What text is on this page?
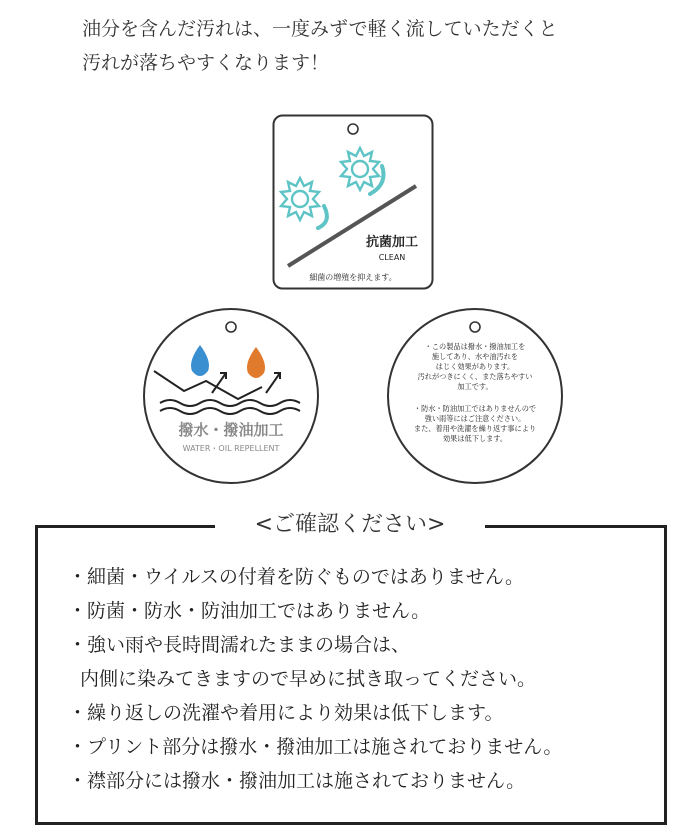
油分を含んだ汚れは、一度みずで軽く流していただくと

汚れが落ちやすくなります！

抗菌加工
CLEAN
細菌の増殖を抑えます。
撥水・撥油加工
WATER・OIL REPELLENT
・この製品は撥水・撥油加工を
施してあり、水や油汚れを
はじく効果があります。
汚れがつきにくく、また落ちやすい
加工です。
・防水・防油加工ではありませんので
強い雨等にはご注意ください。
また、着用や洗濯を繰り返す事により
効果は低下します。
<ご確認ください>
・細菌・ウイルスの付着を防ぐものではありません。
・防菌・防水・防油加工ではありません。
・強い雨や長時間濡れたままの場合は、
内側に染みてきますので早めに拭き取ってください。
・繰り返しの洗濯や着用により効果は低下します。
・プリント部分は撥水・撥油加工は施されておりません。
・襟部分には撥水・撥油加工は施されておりません。
